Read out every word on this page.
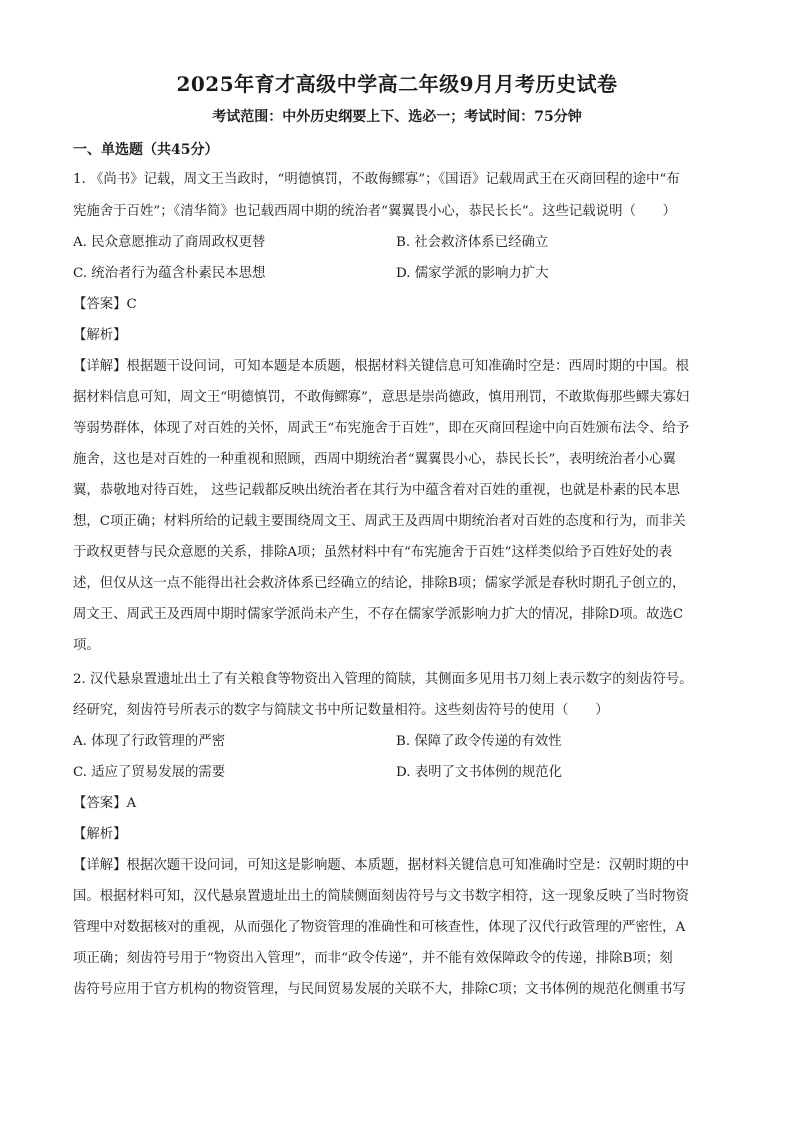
2025年育才高级中学高二年级9月月考历史试卷
考试范围：中外历史纲要上下、选必一；考试时间：75分钟
一、单选题（共45分）
1. 《尚书》记载，周文王当政时，“明德慎罚，不敢侮鳏寡”；《国语》记载周武王在灭商回程的途中“布
宪施舍于百姓”；《清华简》也记载西周中期的统治者“翼翼畏小心，恭民长长”。这些记载说明（　　）
A. 民众意愿推动了商周政权更替	B. 社会救济体系已经确立
C. 统治者行为蕴含朴素民本思想	D. 儒家学派的影响力扩大
【答案】C
【解析】
【详解】根据题干设问词，可知本题是本质题，根据材料关键信息可知准确时空是：西周时期的中国。根
据材料信息可知，周文王“明德慎罚，不敢侮鳏寡”，意思是崇尚德政，慎用刑罚，不敢欺侮那些鳏夫寡妇
等弱势群体，体现了对百姓的关怀，周武王“布宪施舍于百姓”，即在灭商回程途中向百姓颁布法令、给予
施舍，这也是对百姓的一种重视和照顾，西周中期统治者“翼翼畏小心，恭民长长”，表明统治者小心翼
翼，恭敬地对待百姓， 这些记载都反映出统治者在其行为中蕴含着对百姓的重视，也就是朴素的民本思
想，C项正确；材料所给的记载主要围绕周文王、周武王及西周中期统治者对百姓的态度和行为，而非关
于政权更替与民众意愿的关系，排除A项；虽然材料中有“布宪施舍于百姓”这样类似给予百姓好处的表
述，但仅从这一点不能得出社会救济体系已经确立的结论，排除B项；儒家学派是春秋时期孔子创立的，
周文王、周武王及西周中期时儒家学派尚未产生，不存在儒家学派影响力扩大的情况，排除D项。故选C
项。
2. 汉代悬泉置遗址出土了有关粮食等物资出入管理的简牍，其侧面多见用书刀刻上表示数字的刻齿符号。
经研究，刻齿符号所表示的数字与简牍文书中所记数量相符。这些刻齿符号的使用（　　）
A. 体现了行政管理的严密	B. 保障了政令传递的有效性
C. 适应了贸易发展的需要	D. 表明了文书体例的规范化
【答案】A
【解析】
【详解】根据次题干设问词，可知这是影响题、本质题，据材料关键信息可知准确时空是：汉朝时期的中
国。根据材料可知，汉代悬泉置遗址出土的简牍侧面刻齿符号与文书数字相符，这一现象反映了当时物资
管理中对数据核对的重视，从而强化了物资管理的准确性和可核查性，体现了汉代行政管理的严密性，A
项正确；刻齿符号用于“物资出入管理”，而非“政令传递”，并不能有效保障政令的传递，排除B项；刻
齿符号应用于官方机构的物资管理，与民间贸易发展的关联不大，排除C项；文书体例的规范化侧重书写
